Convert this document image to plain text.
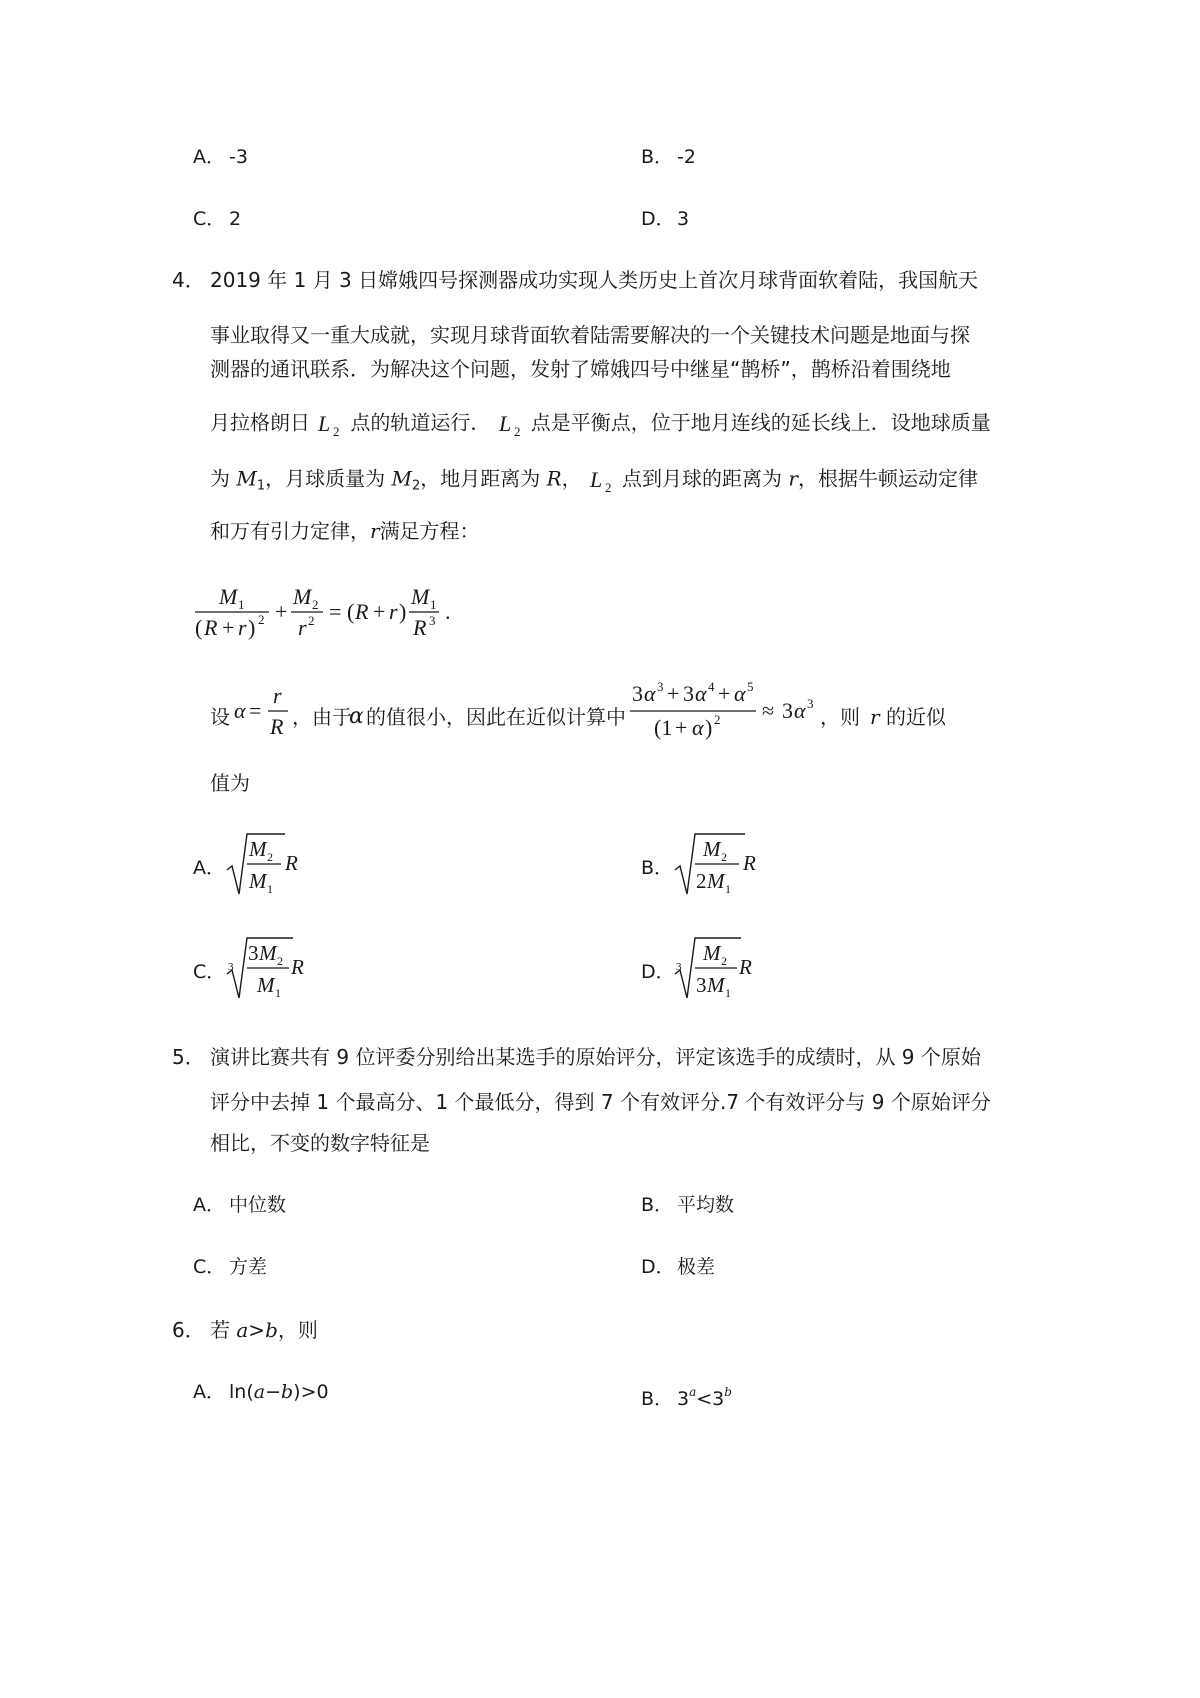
A． -3	B． -2
C． 2	D． 3
4． 2019 年 1 月 3 日嫦娥四号探测器成功实现人类历史上首次月球背面软着陆，我国航天
事业取得又一重大成就，实现月球背面软着陆需要解决的一个关键技术问题是地面与探
测器的通讯联系．为解决这个问题，发射了嫦娥四号中继星“鹊桥”，鹊桥沿着围绕地
月拉格朗日 L 2 点的轨道运行． L 2 点是平衡点，位于地月连线的延长线上．设地球质量
为 $M_1$，月球质量为 $M_2$，地月距离为 R， L 2 点到月球的距离为 r，根据牛顿运动定律
和万有引力定律，r满足方程：
M 1
( R + r ) 2 +
M 2
r 2 = ( R + r )
M 1
R 3 .
设 α =
r
R ，由于
α 的值很小，因此在近似计算中
3 α 3 + 3 α 4 + α 5
(1 + α ) 2 ≈ 3 α 3
，则 r 的近似
值为
A．
M 2
M 1
R	B．
M 2
2 M 1
R
C． 3
3 M 2
M 1
R	D． 3
M 2
3 M 1
R
5． 演讲比赛共有 9 位评委分别给出某选手的原始评分，评定该选手的成绩时，从 9 个原始
评分中去掉 1 个最高分、1 个最低分，得到 7 个有效评分.7 个有效评分与 9 个原始评分
相比，不变的数字特征是
A． 中位数	B． 平均数
C． 方差	D． 极差
6． 若 a>b，则
A． ln(a−b)>0	B． $3^a<3^b$
